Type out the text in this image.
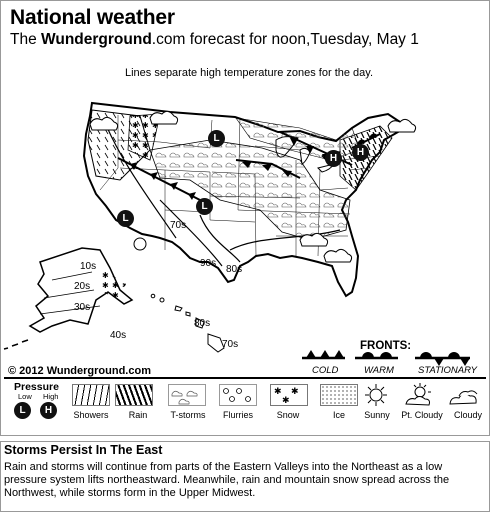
National weather
The Wunderground.com forecast for noon,Tuesday, May 1
Lines separate high temperature zones for the day.
L
L
L
H
H
70s
90s
80s
10s
20s
30s
40s
80s
70s
© 2012 Wunderground.com
FRONTS:
COLD	WARM	STATIONARY
Pressure
Low High
L	H
✱ ✱
✱
Showers	Rain	T-storms	Flurries	Snow	Ice	Sunny	Pt. Cloudy	Cloudy
Storms Persist In The East
Rain and storms will continue from parts of the Eastern Valleys into the Northeast as a low pressure system lifts northeastward. Meanwhile, rain and mountain snow spread across the Northwest, while storms form in the Upper Midwest.
